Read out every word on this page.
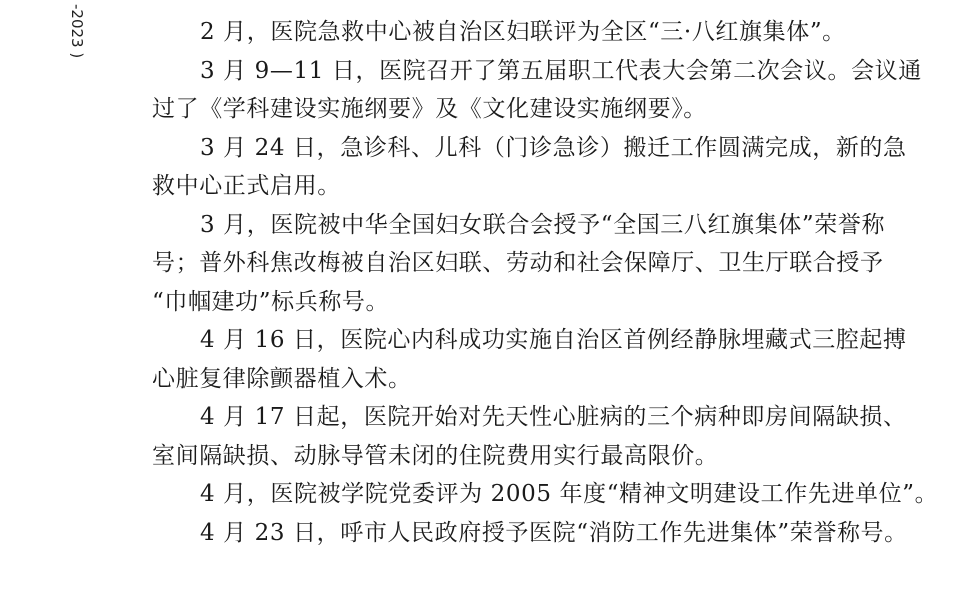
-2023 )
	2 月，医院急救中心被自治区妇联评为全区“三·八红旗集体”。

3 月 9—11 日，医院召开了第五届职工代表大会第二次会议。会议通
过了《学科建设实施纲要》及《文化建设实施纲要》。

3 月 24 日，急诊科、儿科（门诊急诊）搬迁工作圆满完成，新的急
救中心正式启用。

3 月，医院被中华全国妇女联合会授予“全国三八红旗集体”荣誉称
号；普外科焦改梅被自治区妇联、劳动和社会保障厅、卫生厅联合授予
“巾帼建功”标兵称号。

4 月 16 日，医院心内科成功实施自治区首例经静脉埋藏式三腔起搏
心脏复律除颤器植入术。

4 月 17 日起，医院开始对先天性心脏病的三个病种即房间隔缺损、
室间隔缺损、动脉导管未闭的住院费用实行最高限价。

4 月，医院被学院党委评为 2005 年度“精神文明建设工作先进单位”。

4 月 23 日，呼市人民政府授予医院“消防工作先进集体”荣誉称号。
